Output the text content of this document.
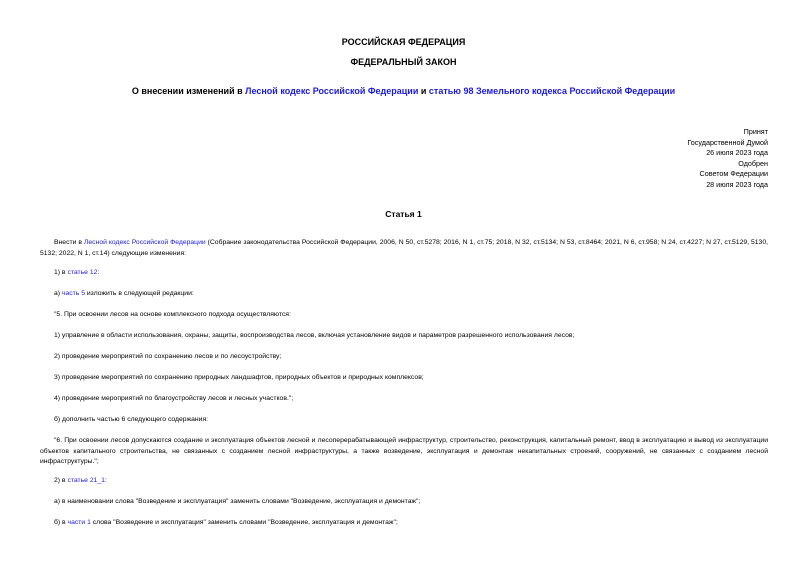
РОССИЙСКАЯ ФЕДЕРАЦИЯ
ФЕДЕРАЛЬНЫЙ ЗАКОН
О внесении изменений в Лесной кодекс Российской Федерации и статью 98 Земельного кодекса Российской Федерации
Принят
Государственной Думой
26 июля 2023 года
Одобрен
Советом Федерации
28 июля 2023 года
Статья 1
Внести в Лесной кодекс Российской Федерации (Собрание законодательства Российской Федерации, 2006, N 50, ст.5278; 2016, N 1, ст.75; 2018, N 32, ст.5134; N 53, ст.8464; 2021, N 6, ст.958; N 24, ст.4227; N 27, ст.5129, 5130, 5132; 2022, N 1, ст.14) следующие изменения:
1) в статье 12:
а) часть 5 изложить в следующей редакции:
"5. При освоении лесов на основе комплексного подхода осуществляются:
1) управление в области использования, охраны, защиты, воспроизводства лесов, включая установление видов и параметров разрешенного использования лесов;
2) проведение мероприятий по сохранению лесов и по лесоустройству;
3) проведение мероприятий по сохранению природных ландшафтов, природных объектов и природных комплексов;
4) проведение мероприятий по благоустройству лесов и лесных участков.";
б) дополнить частью 6 следующего содержания:
"6. При освоении лесов допускаются создание и эксплуатация объектов лесной и лесоперерабатывающей инфраструктур, строительство, реконструкция, капитальный ремонт, ввод в эксплуатацию и вывод из эксплуатации объектов капитального строительства, не связанных с созданием лесной инфраструктуры, а также возведение, эксплуатация и демонтаж некапитальных строений, сооружений, не связанных с созданием лесной инфраструктуры.";
2) в статье 21_1:
а) в наименовании слова "Возведение и эксплуатация" заменить словами "Возведение, эксплуатация и демонтаж";
б) в части 1 слова "Возведение и эксплуатация" заменить словами "Возведение, эксплуатация и демонтаж";
